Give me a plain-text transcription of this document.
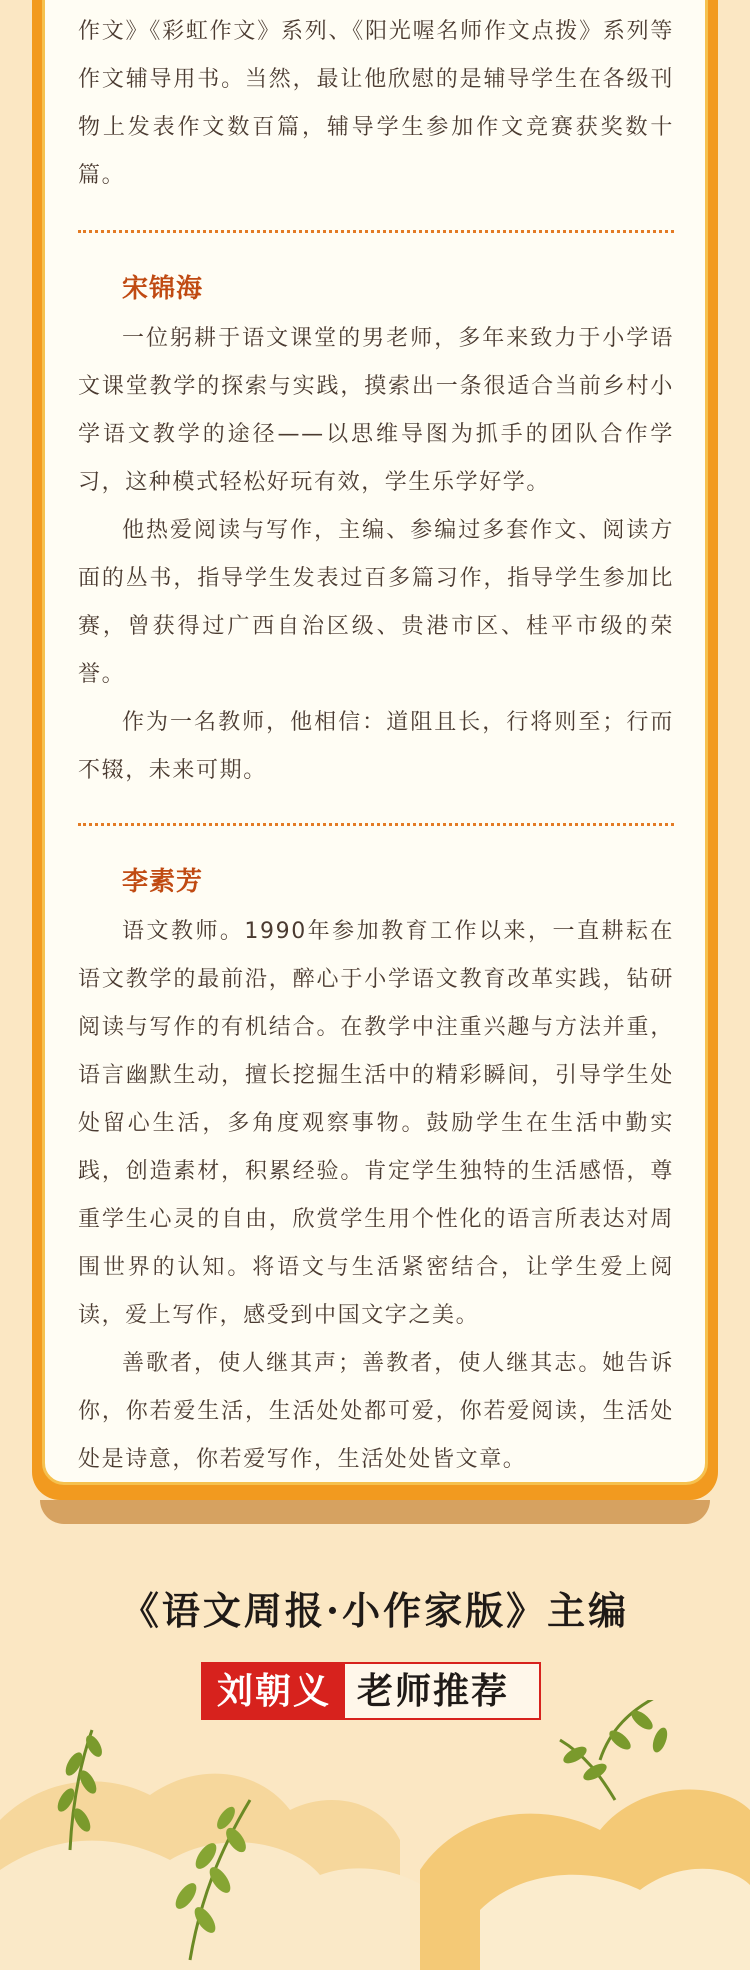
作文》《彩虹作文》系列、《阳光喔名师作文点拨》系列等作文辅导用书。当然，最让他欣慰的是辅导学生在各级刊物上发表作文数百篇，辅导学生参加作文竞赛获奖数十篇。

宋锦海

一位躬耕于语文课堂的男老师，多年来致力于小学语文课堂教学的探索与实践，摸索出一条很适合当前乡村小学语文教学的途径——以思维导图为抓手的团队合作学习，这种模式轻松好玩有效，学生乐学好学。

他热爱阅读与写作，主编、参编过多套作文、阅读方面的丛书，指导学生发表过百多篇习作，指导学生参加比赛，曾获得过广西自治区级、贵港市区、桂平市级的荣誉。

作为一名教师，他相信：道阻且长，行将则至；行而不辍，未来可期。

李素芳

语文教师。1990年参加教育工作以来，一直耕耘在语文教学的最前沿，醉心于小学语文教育改革实践，钻研阅读与写作的有机结合。在教学中注重兴趣与方法并重，语言幽默生动，擅长挖掘生活中的精彩瞬间，引导学生处处留心生活，多角度观察事物。鼓励学生在生活中勤实践，创造素材，积累经验。肯定学生独特的生活感悟，尊重学生心灵的自由，欣赏学生用个性化的语言所表达对周围世界的认知。将语文与生活紧密结合，让学生爱上阅读，爱上写作，感受到中国文字之美。

善歌者，使人继其声；善教者，使人继其志。她告诉你，你若爱生活，生活处处都可爱，你若爱阅读，生活处处是诗意，你若爱写作，生活处处皆文章。

《语文周报·小作家版》主编
刘朝义 老师推荐
